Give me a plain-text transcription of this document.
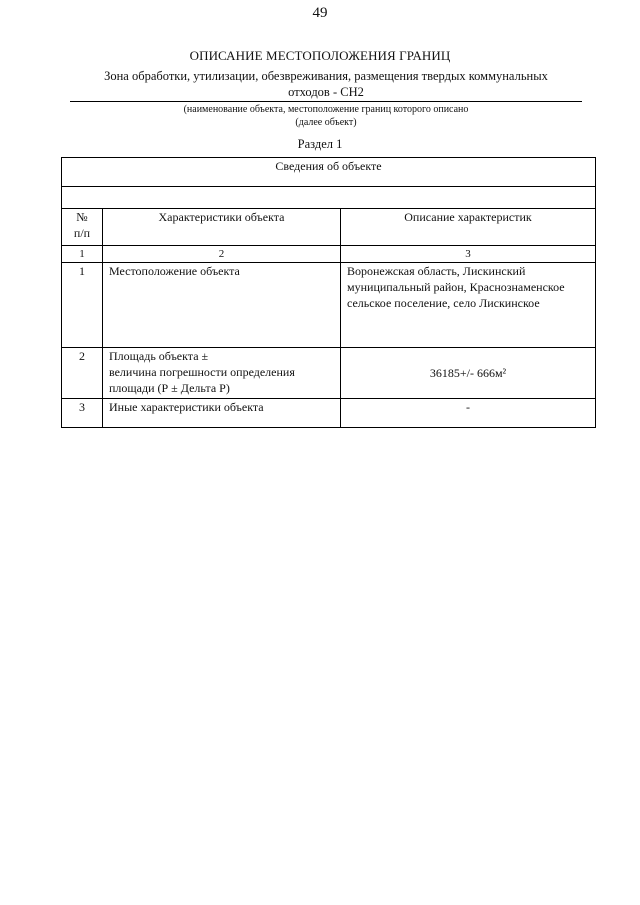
49
ОПИСАНИЕ МЕСТОПОЛОЖЕНИЯ ГРАНИЦ
Зона обработки, утилизации, обезвреживания, размещения твердых коммунальных
отходов - СН2
(наименование объекта, местоположение границ которого описано
(далее объект)
Раздел 1
Сведения об объекте		

№
п/п	Характеристики объекта	Описание характеристик
1	2	3
1	Местоположение объекта	Воронежская область, Лискинский
муниципальный район, Краснознаменское
сельское поселение, село Лискинское

2	Площадь объекта ±
величина погрешности определения
площади (Р ± Дельта Р)	36185+/- 666м²
3	Иные характеристики объекта	-
